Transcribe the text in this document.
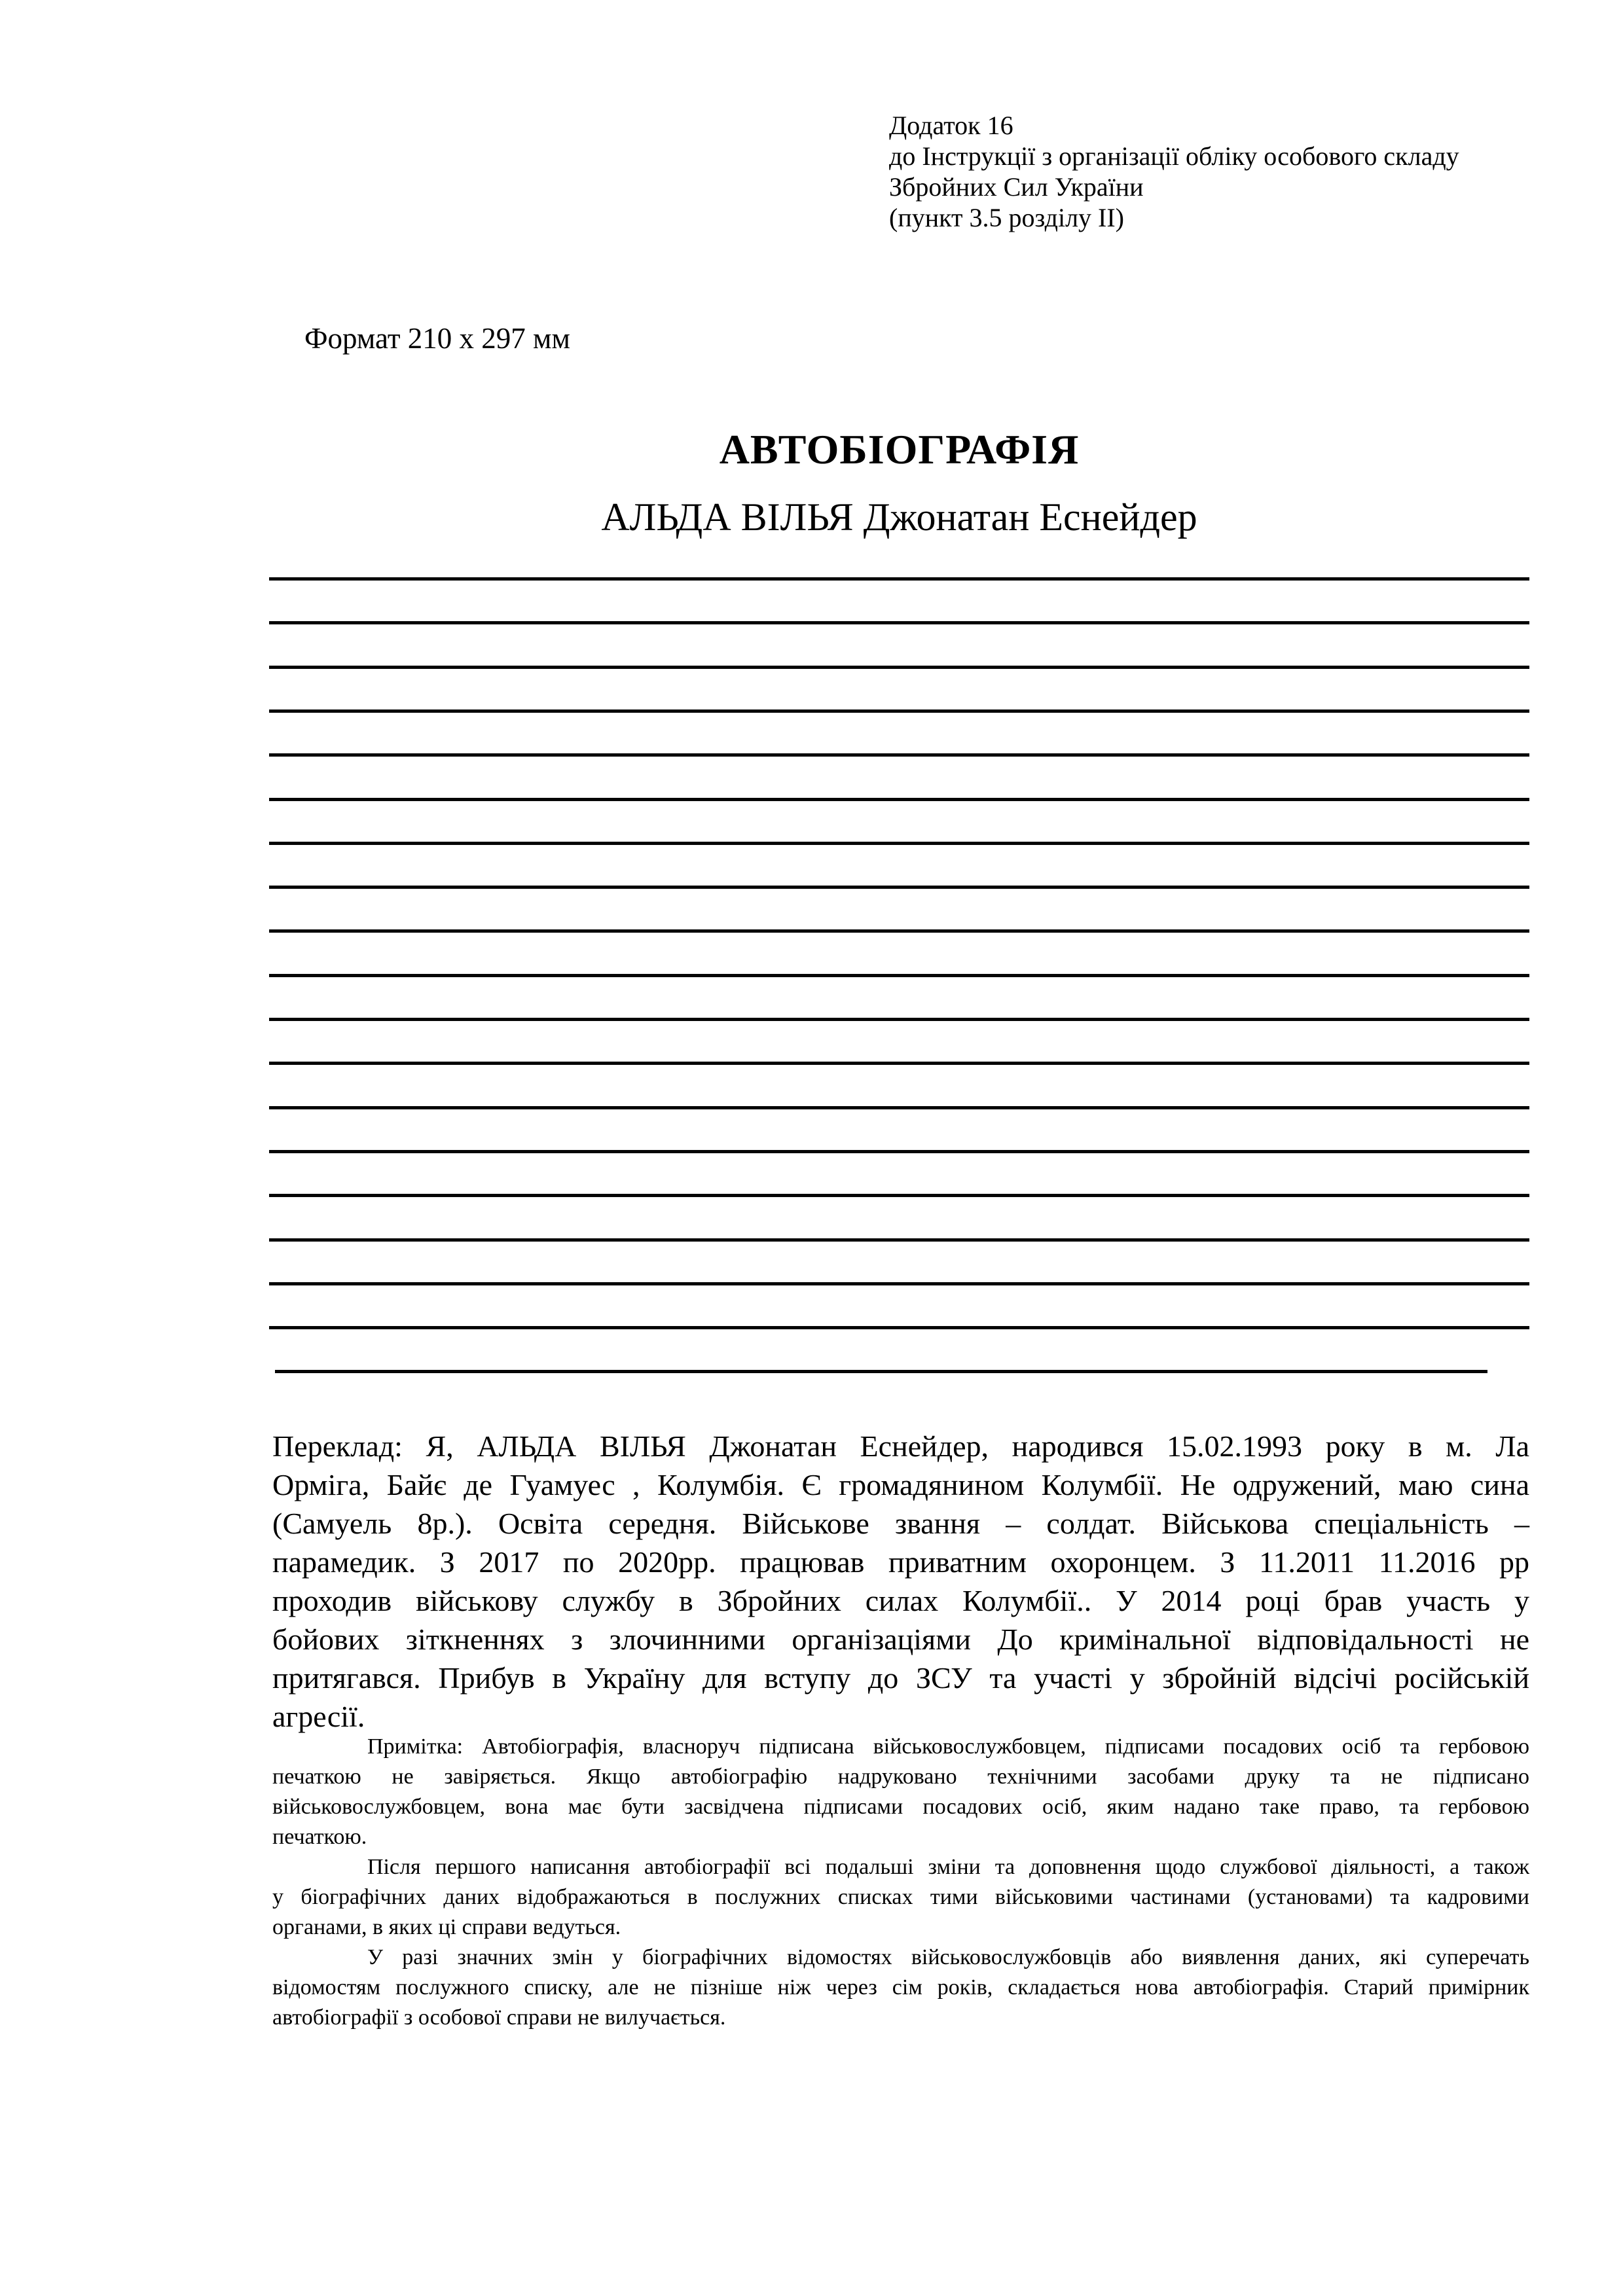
Додаток 16
до Інструкції з організації обліку особового складу
Збройних Сил України
(пункт 3.5 розділу ІІ)
Формат 210 х 297 мм
АВТОБІОГРАФІЯ
АЛЬДА ВІЛЬЯ Джонатан Еснейдер
Переклад: Я, АЛЬДА ВІЛЬЯ Джонатан Еснейдер, народився 15.02.1993 року в м. Ла
Орміга, Байє де Гуамуес , Колумбія. Є громадянином Колумбії. Не одружений, маю сина
(Самуель 8р.). Освіта середня. Військове звання – солдат. Військова спеціальність –
парамедик. З 2017 по 2020рр. працював приватним охоронцем. З 11.2011 11.2016 рр
проходив військову службу в Збройних силах Колумбії.. У 2014 році брав участь у
бойових зіткненнях з злочинними організаціями До кримінальної відповідальності не
притягався. Прибув в Україну для вступу до ЗСУ та участі у збройній відсічі російській
агресії.
Примітка: Автобіографія, власноруч підписана військовослужбовцем, підписами посадових осіб та гербовою
печаткою не завіряється. Якщо автобіографію надруковано технічними засобами друку та не підписано
військовослужбовцем, вона має бути засвідчена підписами посадових осіб, яким надано таке право, та гербовою
печаткою.
Після першого написання автобіографії всі подальші зміни та доповнення щодо службової діяльності, а також
у біографічних даних відображаються в послужних списках тими військовими частинами (установами) та кадровими
органами, в яких ці справи ведуться.
У разі значних змін у біографічних відомостях військовослужбовців або виявлення даних, які суперечать
відомостям послужного списку, але не пізніше ніж через сім років, складається нова автобіографія. Старий примірник
автобіографії з особової справи не вилучається.
